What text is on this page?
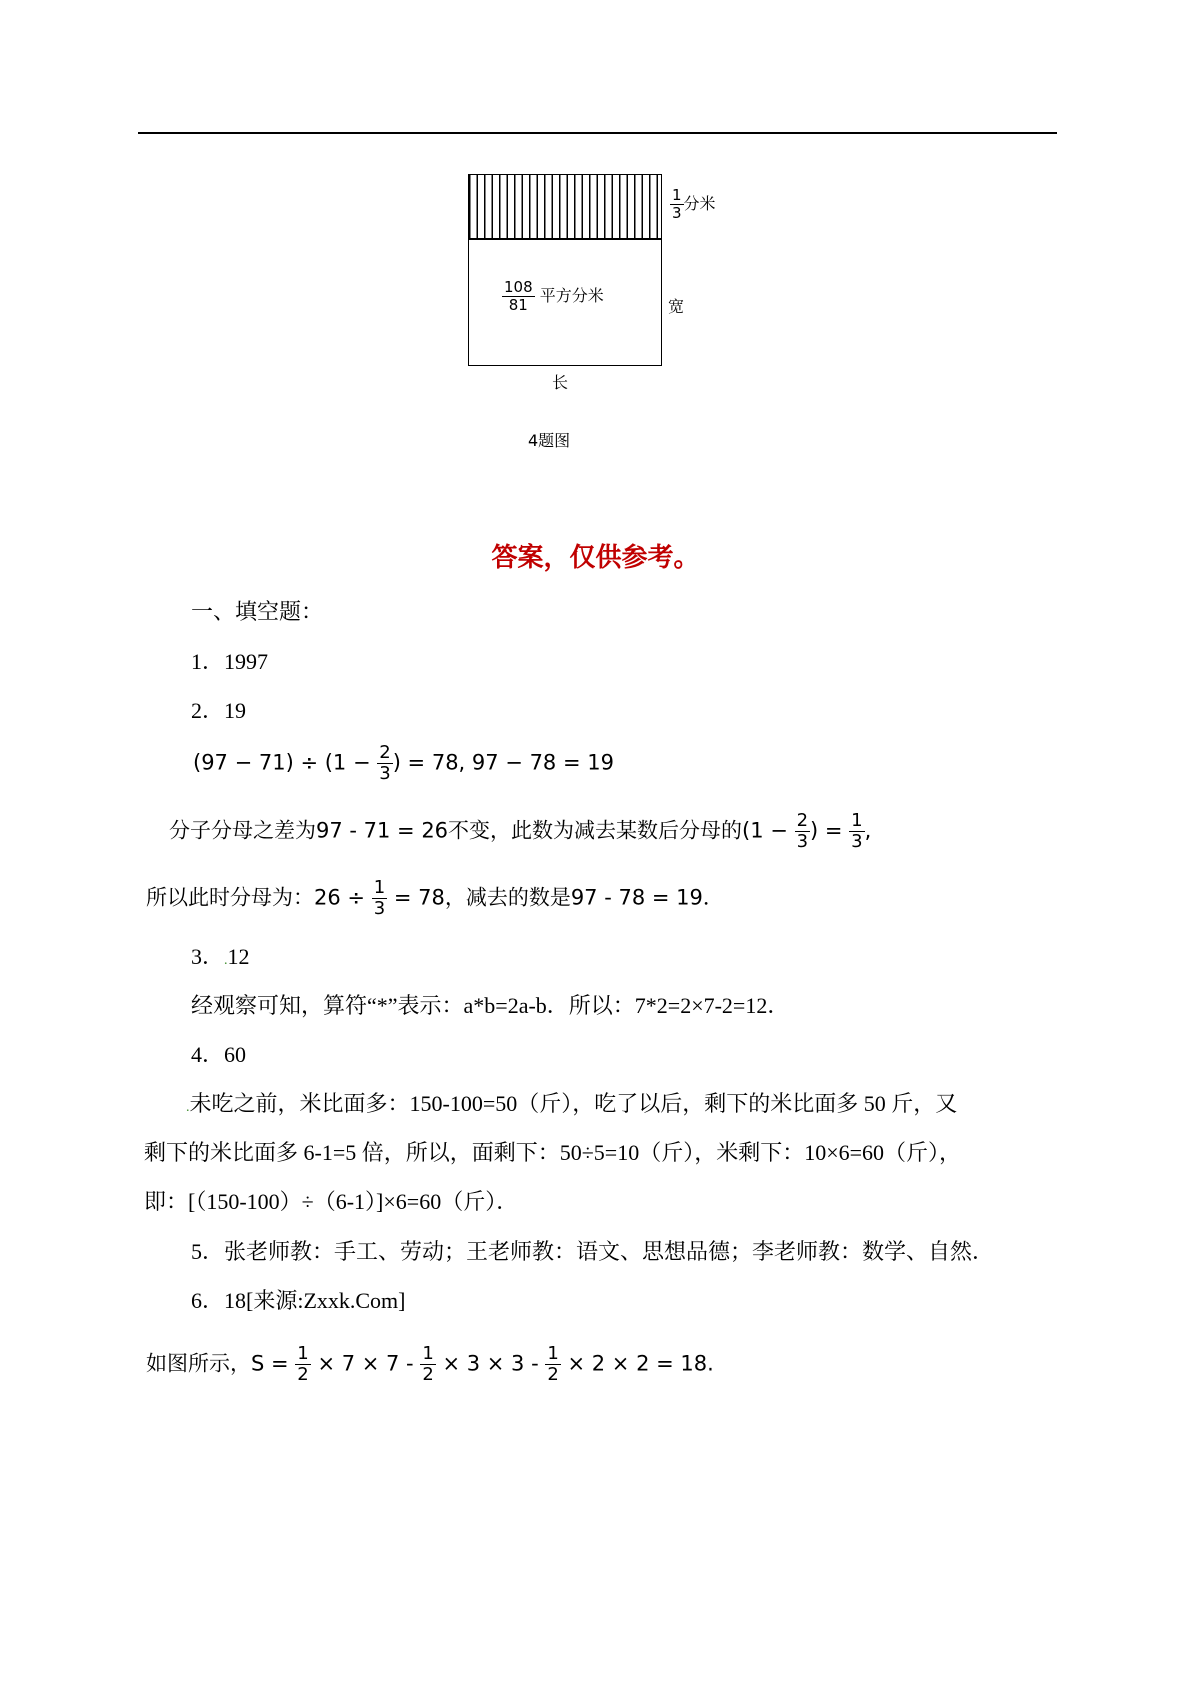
$\frac{1}{3}$ 分米
$\frac{108}{81}$ 平方分米
宽
长
4题图
答案，仅供参考。
一、填空题：
1．1997
2．19
$(97 - 71) \div (1 - \frac{2}{3}$ ) = 78, 97 − 78 = 19
分子分母之差为97 - 71 = 26不变，此数为减去某数后分母的($1 - \frac{2}{3}$ ) = $\frac{1}{3}$ ,
所以此时分母为：$26 \div \frac{1}{3} = 78$，减去的数是97 - 78 = 19．
3．.12
经观察可知，算符“*”表示：a*b=2a-b．所以：7*2=2×7-2=12．
4．60
.未吃之前，米比面多：150-100=50（斤），吃了以后，剩下的米比面多 50 斤，又
剩下的米比面多 6-1=5 倍，所以，面剩下：50÷5=10（斤），米剩下：10×6=60（斤），
即：[（150-100）÷（6-1）]×6=60（斤）．
5．张老师教：手工、劳动；王老师教：语文、思想品德；李老师教：数学、自然．
6．18[来源:Zxxk.Com]
如图所示，$S = \frac{1}{2} \times 7 \times 7 - \frac{1}{2} \times 3 \times 3 - \frac{1}{2} \times 2 \times 2 = 18$.
